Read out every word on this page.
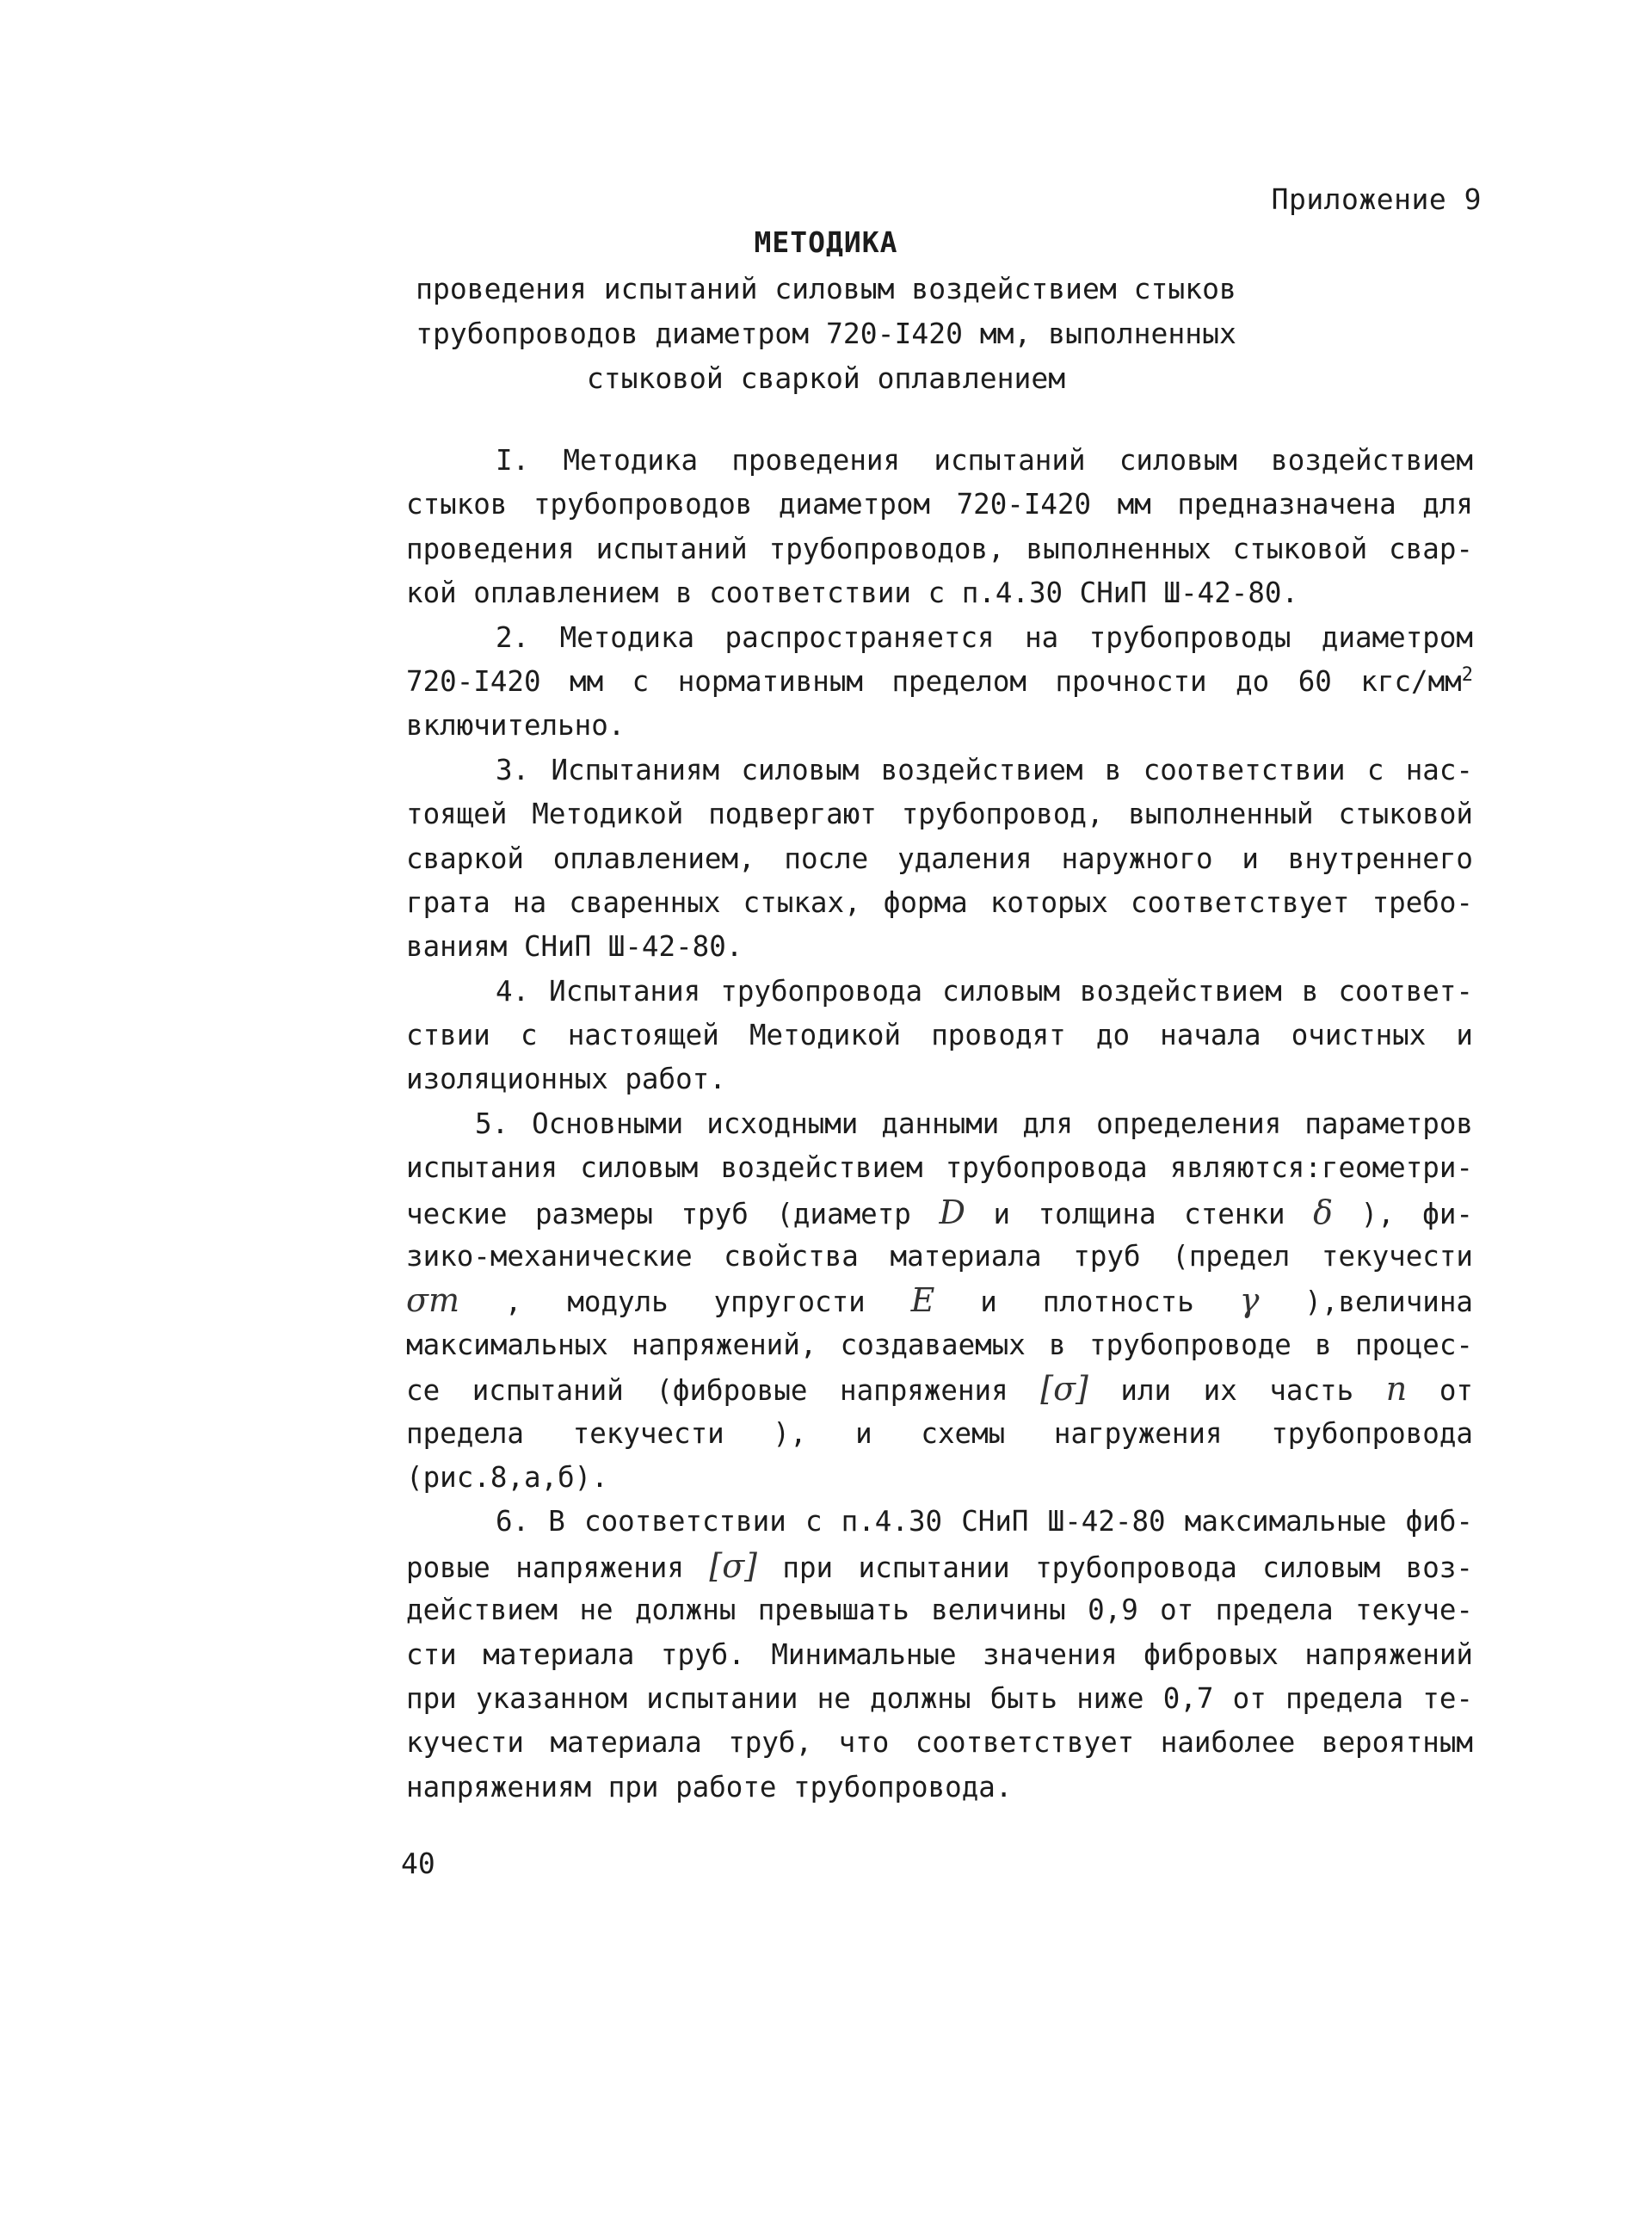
Приложение 9
МЕТОДИКА
проведения испытаний силовым воздействием стыков
трубопроводов диаметром 720-I420 мм, выполненных
стыковой сваркой оплавлением
I. Методика проведения испытаний силовым воздействием
стыков трубопроводов диаметром 720-I420 мм предназначена для
проведения испытаний трубопроводов, выполненных стыковой свар-
кой оплавлением в соответствии с п.4.30 СНиП Ш-42-80.
2. Методика распространяется на трубопроводы диаметром
720-I420 мм с нормативным пределом прочности до 60 кгс/$мм^2$
включительно.
3. Испытаниям силовым воздействием в соответствии с нас-
тоящей Методикой подвергают трубопровод, выполненный стыковой
сваркой оплавлением, после удаления наружного и внутреннего
грата на сваренных стыках, форма которых соответствует требо-
ваниям СНиП Ш-42-80.
4. Испытания трубопровода силовым воздействием в соответ-
ствии с настоящей Методикой проводят до начала очистных и
изоляционных работ.
5. Основными исходными данными для определения параметров
испытания силовым воздействием трубопровода являются:геометри-
ческие размеры труб (диаметр D и толщина стенки δ ), фи-
зико-механические свойства материала труб (предел текучести
σт , модуль упругости E и плотность γ ),величина
максимальных напряжений, создаваемых в трубопроводе в процес-
се испытаний (фибровые напряжения [σ] или их часть n от
предела текучести ), и схемы нагружения трубопровода
(рис.8,а,б).
6. В соответствии с п.4.30 СНиП Ш-42-80 максимальные фиб-
ровые напряжения [σ] при испытании трубопровода силовым воз-
действием не должны превышать величины 0,9 от предела текуче-
сти материала труб. Минимальные значения фибровых напряжений
при указанном испытании не должны быть ниже 0,7 от предела те-
кучести материала труб, что соответствует наиболее вероятным
напряжениям при работе трубопровода.
40
